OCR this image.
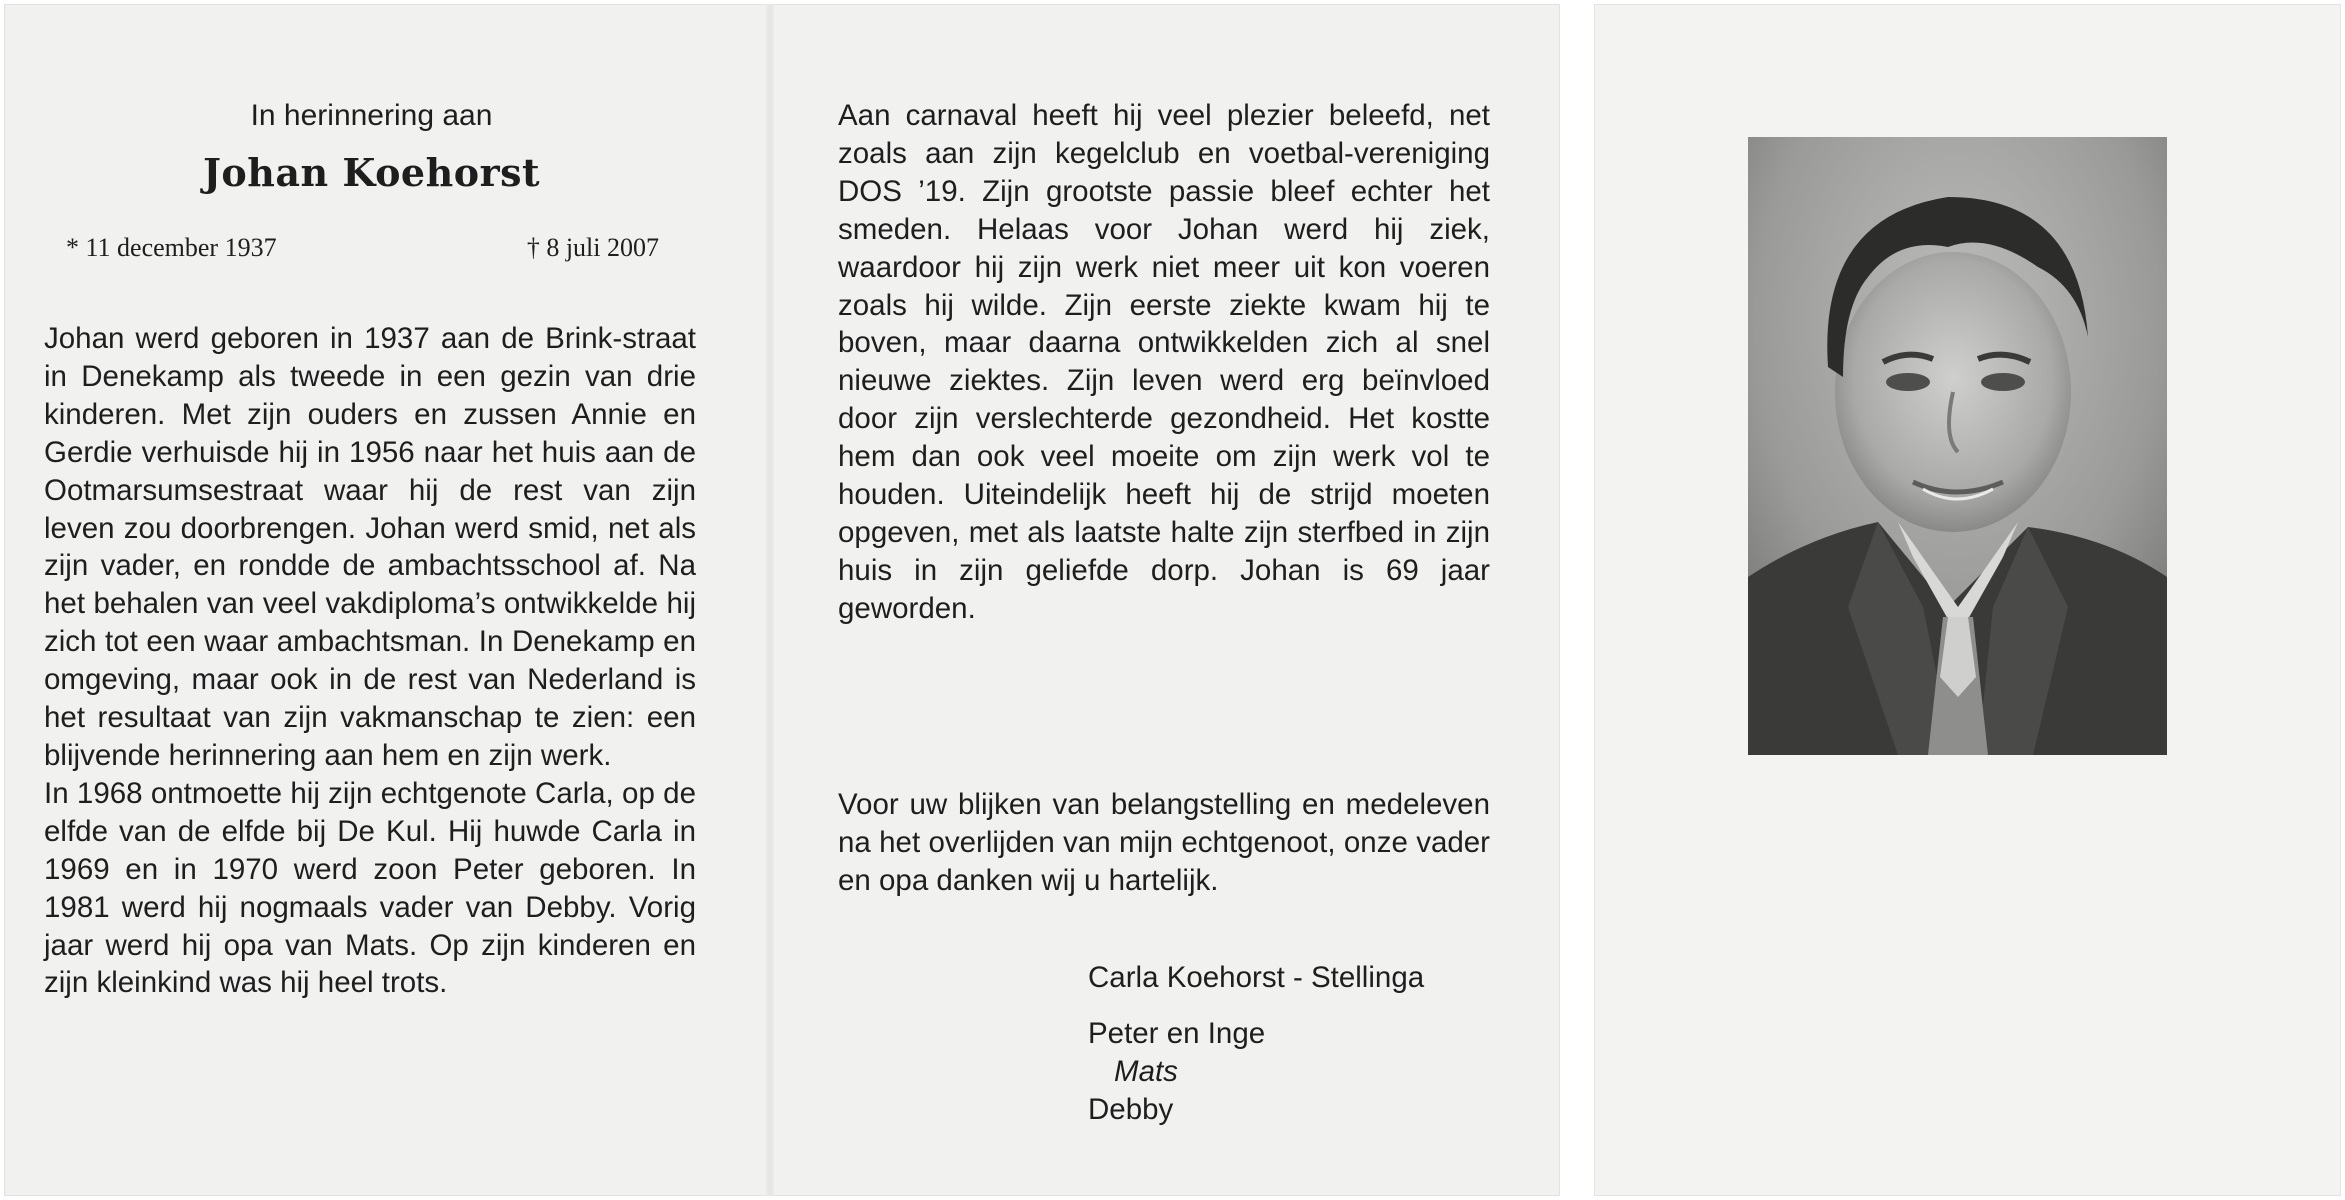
In herinnering aan
Johan Koehorst
* 11 december 1937	† 8 juli 2007

Johan werd geboren in 1937 aan de Brink-straat in Denekamp als tweede in een gezin van drie kinderen. Met zijn ouders en zussen Annie en Gerdie verhuisde hij in 1956 naar het huis aan de Ootmarsumsestraat waar hij de rest van zijn leven zou doorbrengen. Johan werd smid, net als zijn vader, en rondde de ambachtsschool af. Na het behalen van veel vakdiploma’s ontwikkelde hij zich tot een waar ambachtsman. In Denekamp en omgeving, maar ook in de rest van Nederland is het resultaat van zijn vakmanschap te zien: een blijvende herinnering aan hem en zijn werk.

In 1968 ontmoette hij zijn echtgenote Carla, op de elfde van de elfde bij De Kul. Hij huwde Carla in 1969 en in 1970 werd zoon Peter geboren. In 1981 werd hij nogmaals vader van Debby. Vorig jaar werd hij opa van Mats. Op zijn kinderen en zijn kleinkind was hij heel trots.

Aan carnaval heeft hij veel plezier beleefd, net zoals aan zijn kegelclub en voetbal-vereniging DOS ’19. Zijn grootste passie bleef echter het smeden. Helaas voor Johan werd hij ziek, waardoor hij zijn werk niet meer uit kon voeren zoals hij wilde. Zijn eerste ziekte kwam hij te boven, maar daarna ontwikkelden zich al snel nieuwe ziektes. Zijn leven werd erg beïnvloed door zijn verslechterde gezondheid. Het kostte hem dan ook veel moeite om zijn werk vol te houden. Uiteindelijk heeft hij de strijd moeten opgeven, met als laatste halte zijn sterfbed in zijn huis in zijn geliefde dorp. Johan is 69 jaar geworden.

Voor uw blijken van belangstelling en medeleven na het overlijden van mijn echtgenoot, onze vader en opa danken wij u hartelijk.

Carla Koehorst - Stellinga
Peter en Inge
Mats
Debby
